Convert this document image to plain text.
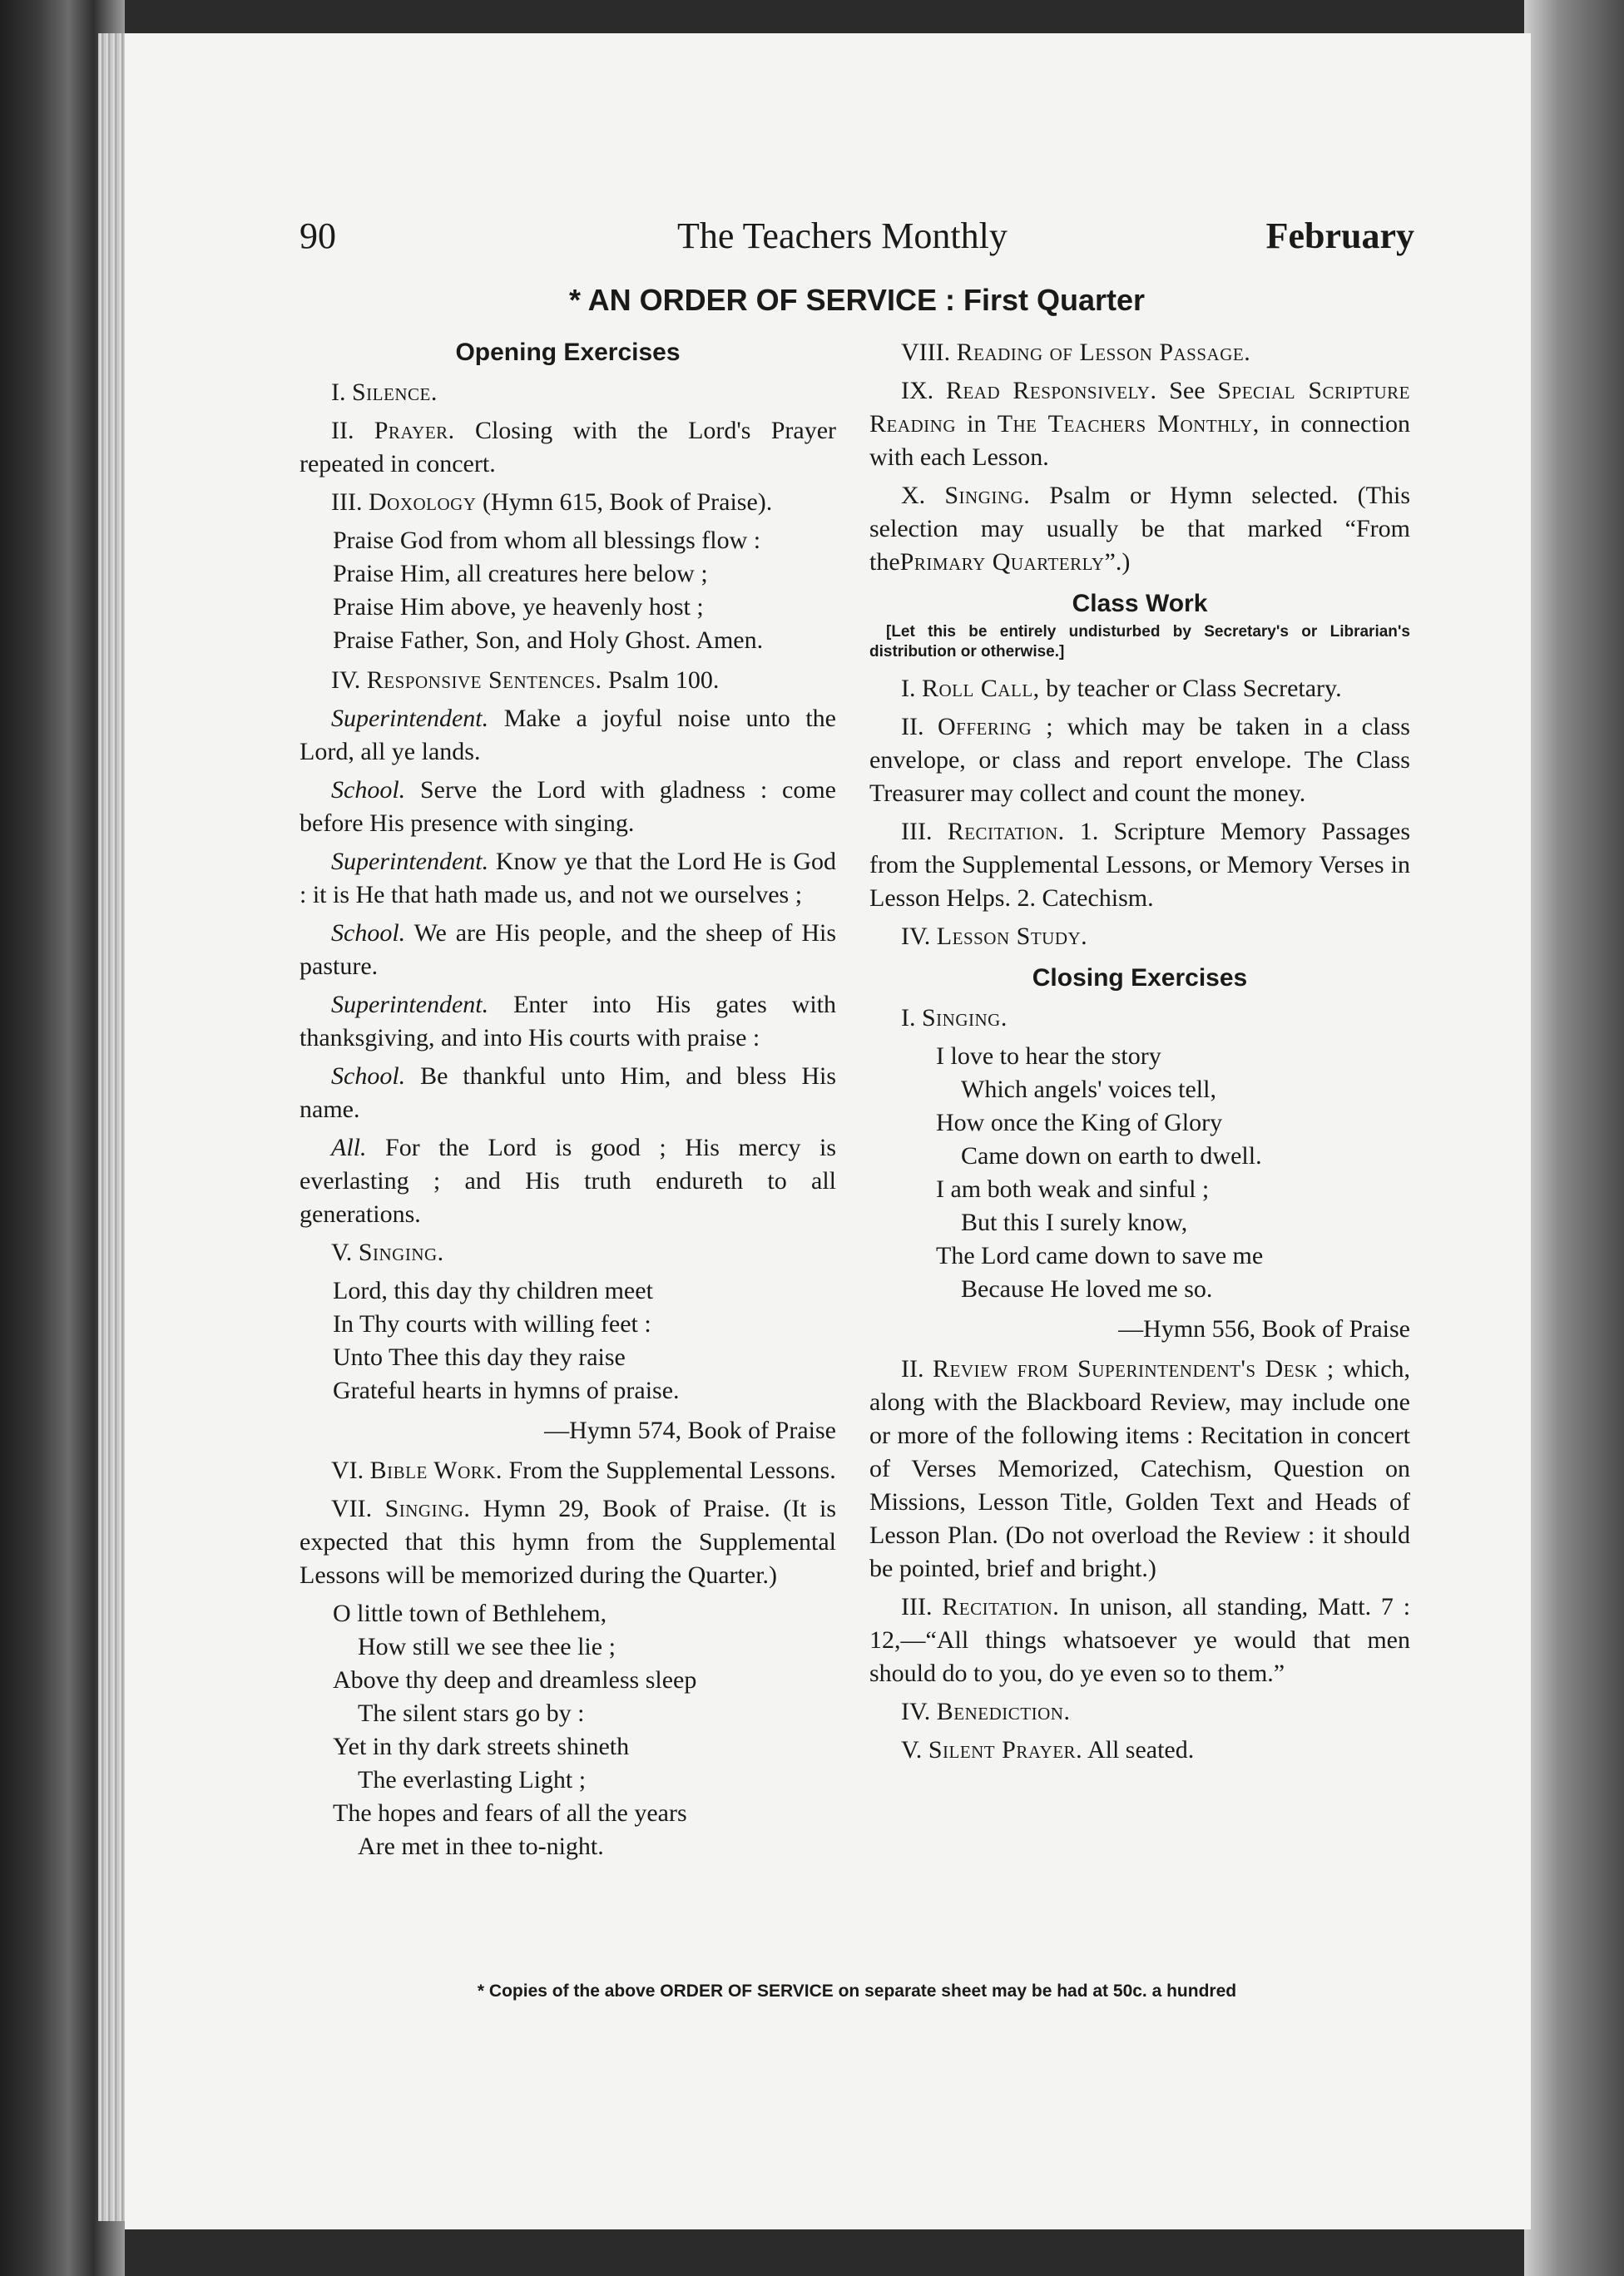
90	The Teachers Monthly	February
* AN ORDER OF SERVICE : First Quarter
Opening Exercises

I. Silence.

II. Prayer. Closing with the Lord's Prayer repeated in concert.

III. Doxology (Hymn 615, Book of Praise).

Praise God from whom all blessings flow :

Praise Him, all creatures here below ;

Praise Him above, ye heavenly host ;

Praise Father, Son, and Holy Ghost. Amen.

IV. Responsive Sentences. Psalm 100.

Superintendent. Make a joyful noise unto the Lord, all ye lands.

School. Serve the Lord with gladness : come before His presence with singing.

Superintendent. Know ye that the Lord He is God : it is He that hath made us, and not we ourselves ;

School. We are His people, and the sheep of His pasture.

Superintendent. Enter into His gates with thanksgiving, and into His courts with praise :

School. Be thankful unto Him, and bless His name.

All. For the Lord is good ; His mercy is everlasting ; and His truth endureth to all generations.

V. Singing.

Lord, this day thy children meet

In Thy courts with willing feet :

Unto Thee this day they raise

Grateful hearts in hymns of praise.

—Hymn 574, Book of Praise

VI. Bible Work. From the Supplemental Lessons.

VII. Singing. Hymn 29, Book of Praise. (It is expected that this hymn from the Supplemental Lessons will be memorized during the Quarter.)

O little town of Bethlehem,

How still we see thee lie ;

Above thy deep and dreamless sleep

The silent stars go by :

Yet in thy dark streets shineth

The everlasting Light ;

The hopes and fears of all the years

Are met in thee to-night.

VIII. Reading of Lesson Passage.

IX. Read Responsively. See Special Scripture Reading in The Teachers Monthly, in connection with each Lesson.

X. Singing. Psalm or Hymn selected. (This selection may usually be that marked “From thePrimary Quarterly”.)

Class Work

[Let this be entirely undisturbed by Secretary's or Librarian's distribution or otherwise.]

I. Roll Call, by teacher or Class Secretary.

II. Offering ; which may be taken in a class envelope, or class and report envelope. The Class Treasurer may collect and count the money.

III. Recitation. 1. Scripture Memory Passages from the Supplemental Lessons, or Memory Verses in Lesson Helps. 2. Catechism.

IV. Lesson Study.

Closing Exercises

I. Singing.

I love to hear the story

Which angels' voices tell,

How once the King of Glory

Came down on earth to dwell.

I am both weak and sinful ;

But this I surely know,

The Lord came down to save me

Because He loved me so.

—Hymn 556, Book of Praise

II. Review from Superintendent's Desk ; which, along with the Blackboard Review, may include one or more of the following items : Recitation in concert of Verses Memorized, Catechism, Question on Missions, Lesson Title, Golden Text and Heads of Lesson Plan. (Do not overload the Review : it should be pointed, brief and bright.)

III. Recitation. In unison, all standing, Matt. 7 : 12,—“All things whatsoever ye would that men should do to you, do ye even so to them.”

IV. Benediction.

V. Silent Prayer. All seated.

* Copies of the above ORDER OF SERVICE on separate sheet may be had at 50c. a hundred
